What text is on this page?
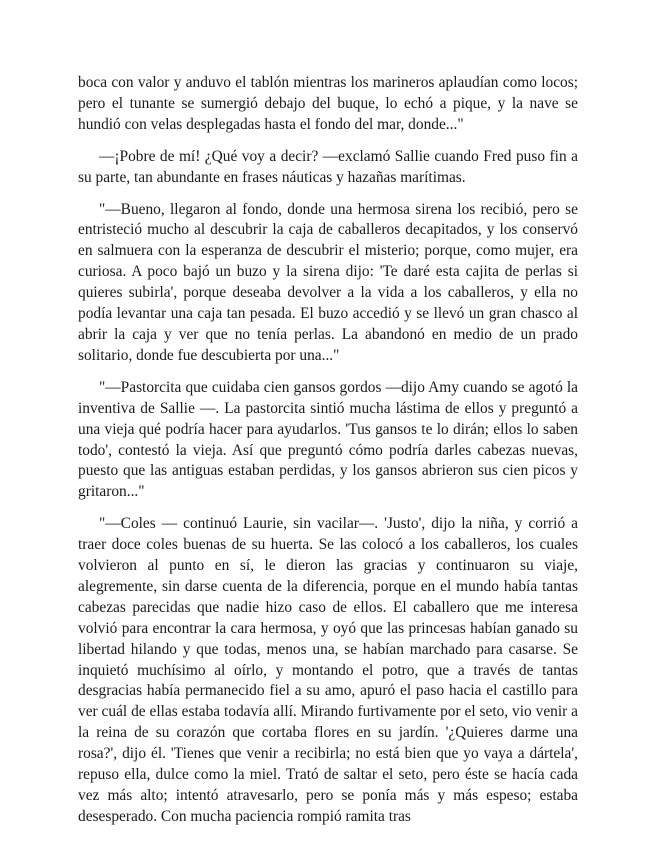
boca con valor y anduvo el tablón mientras los marineros aplaudían como locos; pero el tunante se sumergió debajo del buque, lo echó a pique, y la nave se hundió con velas desplegadas hasta el fondo del mar, donde..."

—¡Pobre de mí! ¿Qué voy a decir? —exclamó Sallie cuando Fred puso fin a su parte, tan abundante en frases náuticas y hazañas marítimas.

"—Bueno, llegaron al fondo, donde una hermosa sirena los recibió, pero se entristeció mucho al descubrir la caja de caballeros decapitados, y los conservó en salmuera con la esperanza de descubrir el misterio; porque, como mujer, era curiosa. A poco bajó un buzo y la sirena dijo: 'Te daré esta cajita de perlas si quieres subirla', porque deseaba devolver a la vida a los caballeros, y ella no podía levantar una caja tan pesada. El buzo accedió y se llevó un gran chasco al abrir la caja y ver que no tenía perlas. La abandonó en medio de un prado solitario, donde fue descubierta por una..."

"—Pastorcita que cuidaba cien gansos gordos —dijo Amy cuando se agotó la inventiva de Sallie —. La pastorcita sintió mucha lástima de ellos y preguntó a una vieja qué podría hacer para ayudarlos. 'Tus gansos te lo dirán; ellos lo saben todo', contestó la vieja. Así que preguntó cómo podría darles cabezas nuevas, puesto que las antiguas estaban perdidas, y los gansos abrieron sus cien picos y gritaron..."

"—Coles — continuó Laurie, sin vacilar—. 'Justo', dijo la niña, y corrió a traer doce coles buenas de su huerta. Se las colocó a los caballeros, los cuales volvieron al punto en sí, le dieron las gracias y continuaron su viaje, alegremente, sin darse cuenta de la diferencia, porque en el mundo había tantas cabezas parecidas que nadie hizo caso de ellos. El caballero que me interesa volvió para encontrar la cara hermosa, y oyó que las princesas habían ganado su libertad hilando y que todas, menos una, se habían marchado para casarse. Se inquietó muchísimo al oírlo, y montando el potro, que a través de tantas desgracias había permanecido fiel a su amo, apuró el paso hacia el castillo para ver cuál de ellas estaba todavía allí. Mirando furtivamente por el seto, vio venir a la reina de su corazón que cortaba flores en su jardín. '¿Quieres darme una rosa?', dijo él. 'Tienes que venir a recibirla; no está bien que yo vaya a dártela', repuso ella, dulce como la miel. Trató de saltar el seto, pero éste se hacía cada vez más alto; intentó atravesarlo, pero se ponía más y más espeso; estaba desesperado. Con mucha paciencia rompió ramita tras
